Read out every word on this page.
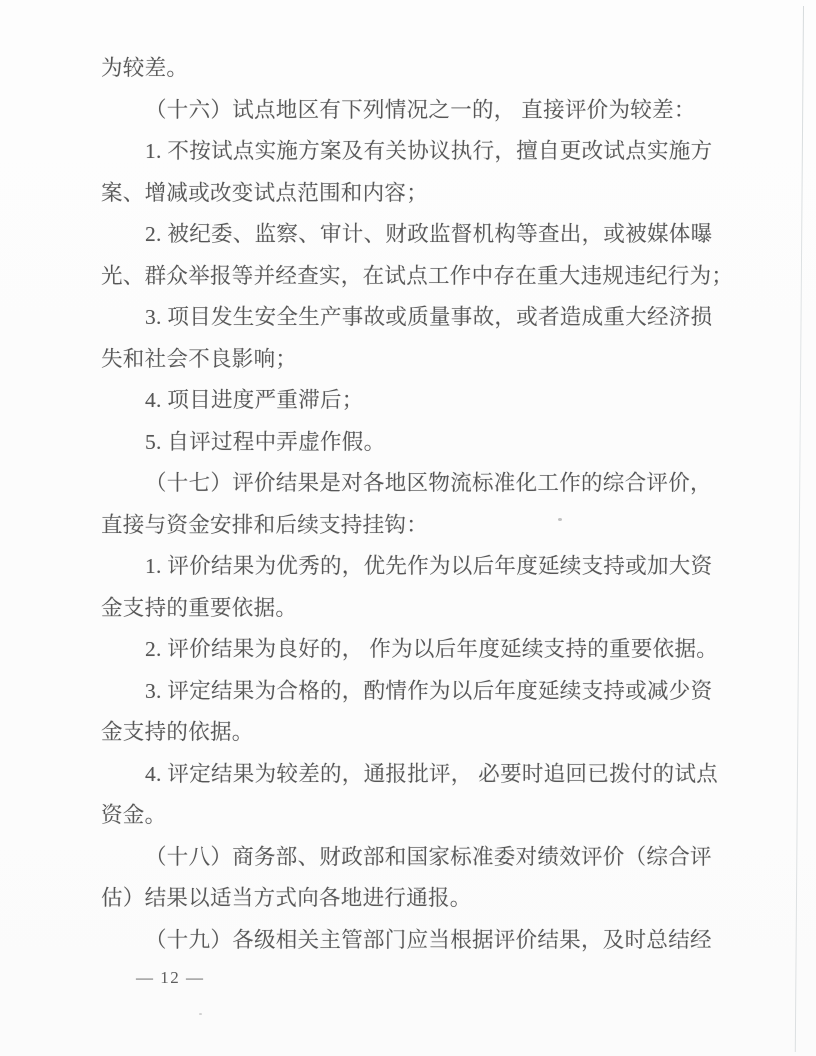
为较差。
（十六）试点地区有下列情况之一的， 直接评价为较差：
1. 不按试点实施方案及有关协议执行，擅自更改试点实施方
案、增减或改变试点范围和内容；
2. 被纪委、监察、审计、财政监督机构等查出，或被媒体曝
光、群众举报等并经查实，在试点工作中存在重大违规违纪行为；
3. 项目发生安全生产事故或质量事故，或者造成重大经济损
失和社会不良影响；
4. 项目进度严重滞后；
5. 自评过程中弄虚作假。
（十七）评价结果是对各地区物流标准化工作的综合评价，
直接与资金安排和后续支持挂钩：
1. 评价结果为优秀的，优先作为以后年度延续支持或加大资
金支持的重要依据。
2. 评价结果为良好的， 作为以后年度延续支持的重要依据。
3. 评定结果为合格的，酌情作为以后年度延续支持或减少资
金支持的依据。
4. 评定结果为较差的，通报批评， 必要时追回已拨付的试点
资金。
（十八）商务部、财政部和国家标准委对绩效评价（综合评
估）结果以适当方式向各地进行通报。
（十九）各级相关主管部门应当根据评价结果，及时总结经
— 12 —
